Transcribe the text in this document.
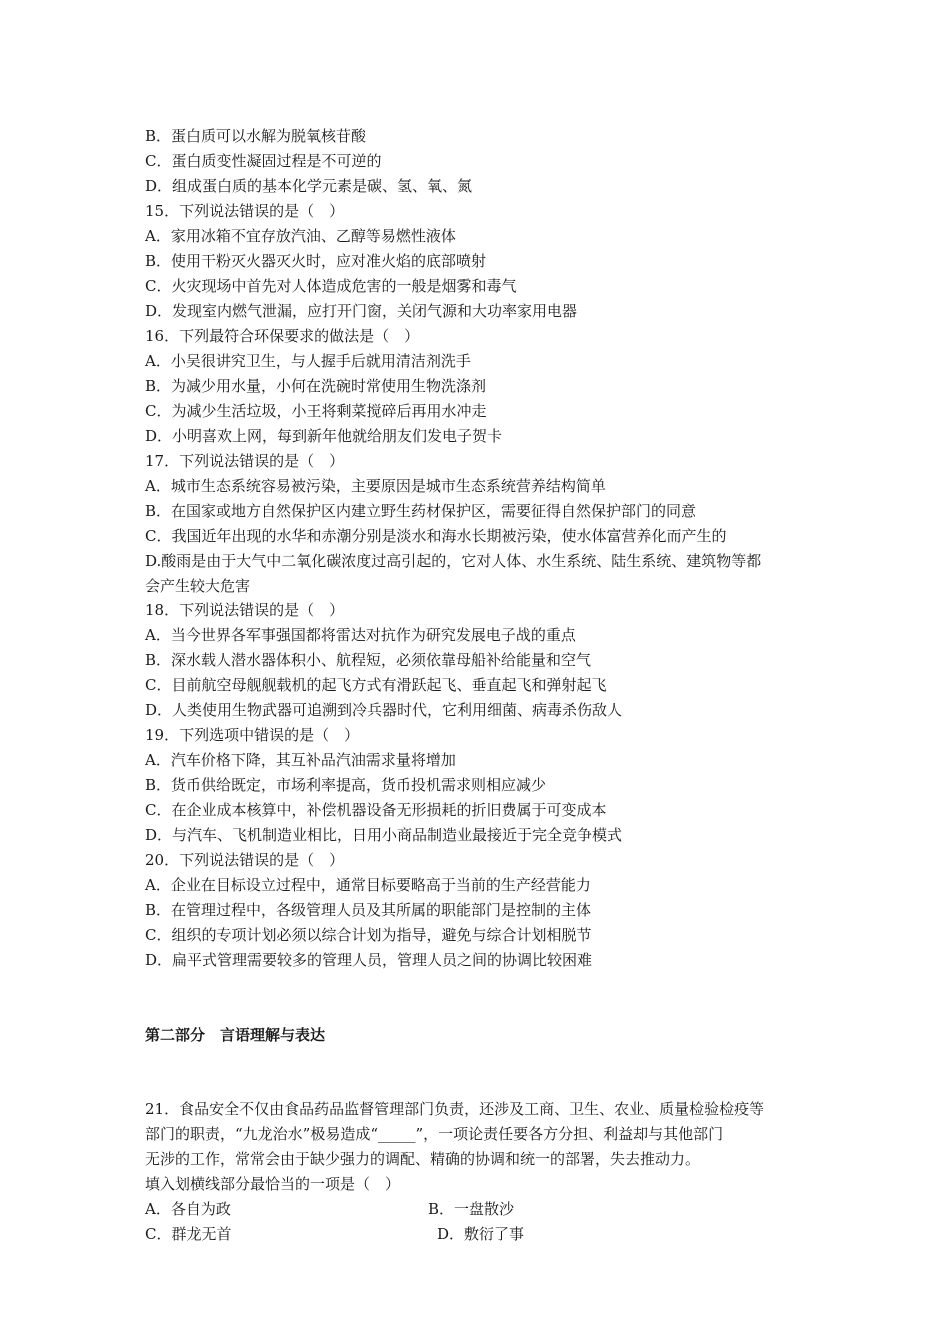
B．蛋白质可以水解为脱氧核苷酸
C．蛋白质变性凝固过程是不可逆的
D．组成蛋白质的基本化学元素是碳、氢、氧、氮
15．下列说法错误的是（　）
A．家用冰箱不宜存放汽油、乙醇等易燃性液体
B．使用干粉灭火器灭火时，应对准火焰的底部喷射
C．火灾现场中首先对人体造成危害的一般是烟雾和毒气
D．发现室内燃气泄漏，应打开门窗，关闭气源和大功率家用电器
16．下列最符合环保要求的做法是（　）
A．小吴很讲究卫生，与人握手后就用清洁剂洗手
B．为减少用水量，小何在洗碗时常使用生物洗涤剂
C．为减少生活垃圾，小王将剩菜搅碎后再用水冲走
D．小明喜欢上网，每到新年他就给朋友们发电子贺卡
17．下列说法错误的是（　）
A．城市生态系统容易被污染，主要原因是城市生态系统营养结构简单
B．在国家或地方自然保护区内建立野生药材保护区，需要征得自然保护部门的同意
C．我国近年出现的水华和赤潮分别是淡水和海水长期被污染，使水体富营养化而产生的
D.酸雨是由于大气中二氧化碳浓度过高引起的，它对人体、水生系统、陆生系统、建筑物等都
会产生较大危害
18．下列说法错误的是（　）
A．当今世界各军事强国都将雷达对抗作为研究发展电子战的重点
B．深水载人潜水器体积小、航程短，必须依靠母船补给能量和空气
C．目前航空母舰舰载机的起飞方式有滑跃起飞、垂直起飞和弹射起飞
D．人类使用生物武器可追溯到冷兵器时代，它利用细菌、病毒杀伤敌人
19．下列选项中错误的是（　）
A．汽车价格下降，其互补品汽油需求量将增加
B．货币供给既定，市场利率提高，货币投机需求则相应减少
C．在企业成本核算中，补偿机器设备无形损耗的折旧费属于可变成本
D．与汽车、飞机制造业相比，日用小商品制造业最接近于完全竞争模式
20．下列说法错误的是（　）
A．企业在目标设立过程中，通常目标要略高于当前的生产经营能力
B．在管理过程中，各级管理人员及其所属的职能部门是控制的主体
C．组织的专项计划必须以综合计划为指导，避免与综合计划相脱节
D．扁平式管理需要较多的管理人员，管理人员之间的协调比较困难
第二部分　言语理解与表达
21．食品安全不仅由食品药品监督管理部门负责，还涉及工商、卫生、农业、质量检验检疫等
部门的职责，“九龙治水”极易造成“_____”，一项论责任要各方分担、利益却与其他部门
无涉的工作，常常会由于缺少强力的调配、精确的协调和统一的部署，失去推动力。
填入划横线部分最恰当的一项是（　）
A．各自为政	B．一盘散沙
C．群龙无首	D．敷衍了事
